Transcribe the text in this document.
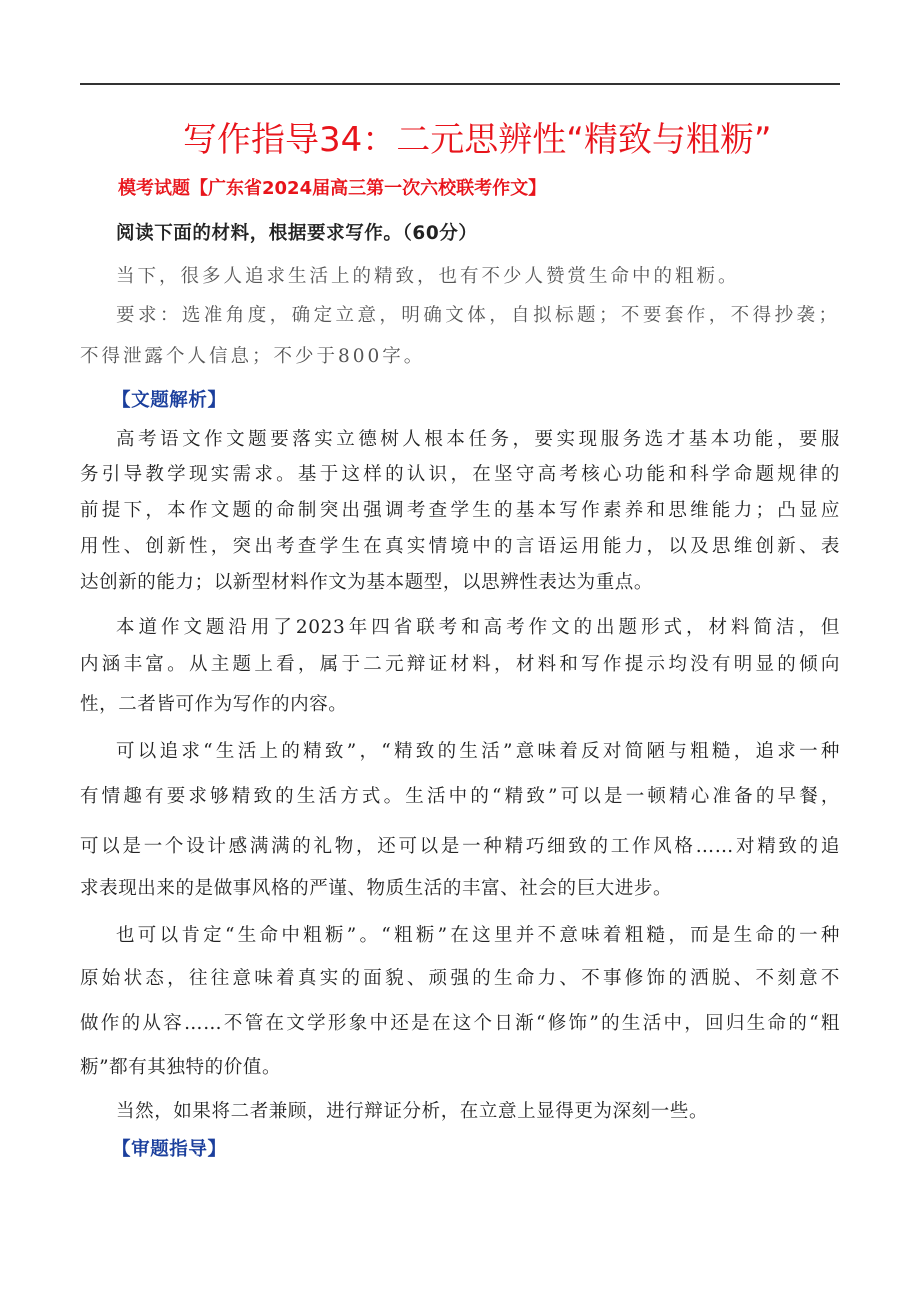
写作指导34：二元思辨性“精致与粗粝”
模考试题【广东省2024届高三第一次六校联考作文】
阅读下面的材料，根据要求写作。（60分）
当下，很多人追求生活上的精致，也有不少人赞赏生命中的粗粝。
要求：选准角度，确定立意，明确文体，自拟标题；不要套作，不得抄袭；
不得泄露个人信息；不少于800字。
【文题解析】
高考语文作文题要落实立德树人根本任务，要实现服务选才基本功能，要服
务引导教学现实需求。基于这样的认识，在坚守高考核心功能和科学命题规律的
前提下，本作文题的命制突出强调考查学生的基本写作素养和思维能力；凸显应
用性、创新性，突出考查学生在真实情境中的言语运用能力，以及思维创新、表
达创新的能力；以新型材料作文为基本题型，以思辨性表达为重点。
本道作文题沿用了2023年四省联考和高考作文的出题形式，材料简洁，但
内涵丰富。从主题上看，属于二元辩证材料，材料和写作提示均没有明显的倾向
性，二者皆可作为写作的内容。
可以追求“生活上的精致”，“精致的生活”意味着反对简陋与粗糙，追求一种
有情趣有要求够精致的生活方式。生活中的“精致”可以是一顿精心准备的早餐，
可以是一个设计感满满的礼物，还可以是一种精巧细致的工作风格……对精致的追
求表现出来的是做事风格的严谨、物质生活的丰富、社会的巨大进步。
也可以肯定“生命中粗粝”。“粗粝”在这里并不意味着粗糙，而是生命的一种
原始状态，往往意味着真实的面貌、顽强的生命力、不事修饰的洒脱、不刻意不
做作的从容……不管在文学形象中还是在这个日渐“修饰”的生活中，回归生命的“粗
粝”都有其独特的价值。
当然，如果将二者兼顾，进行辩证分析，在立意上显得更为深刻一些。
【审题指导】
